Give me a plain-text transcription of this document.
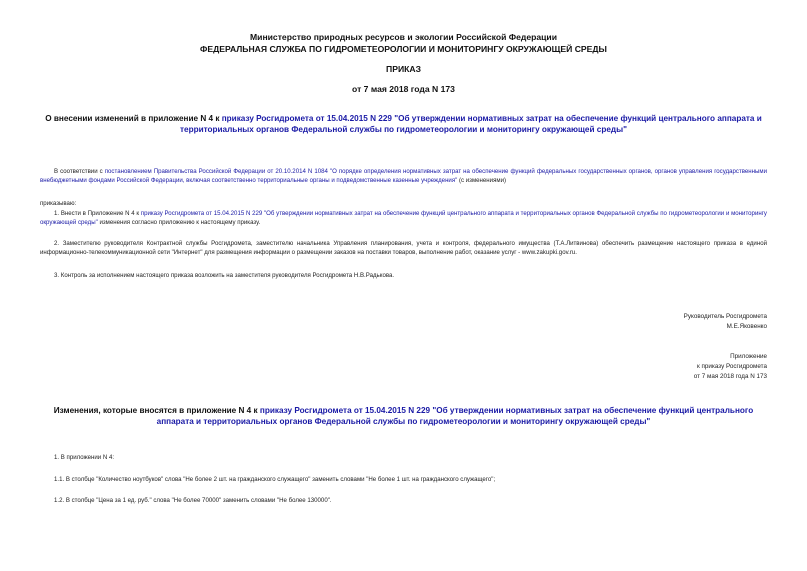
Министерство природных ресурсов и экологии Российской Федерации
ФЕДЕРАЛЬНАЯ СЛУЖБА ПО ГИДРОМЕТЕОРОЛОГИИ И МОНИТОРИНГУ ОКРУЖАЮЩЕЙ СРЕДЫ
ПРИКАЗ
от 7 мая 2018 года N 173
О внесении изменений в приложение N 4 к приказу Росгидромета от 15.04.2015 N 229 "Об утверждении нормативных затрат на обеспечение функций центрального аппарата и территориальных органов Федеральной службы по гидрометеорологии и мониторингу окружающей среды"
В соответствии с постановлением Правительства Российской Федерации от 20.10.2014 N 1084 "О порядке определения нормативных затрат на обеспечение функций федеральных государственных органов, органов управления государственными внебюджетными фондами Российской Федерации, включая соответственно территориальные органы и подведомственные казенные учреждения" (с изменениями)
приказываю:
1. Внести в Приложение N 4 к приказу Росгидромета от 15.04.2015 N 229 "Об утверждении нормативных затрат на обеспечение функций центрального аппарата и территориальных органов Федеральной службы по гидрометеорологии и мониторингу окружающей среды" изменения согласно приложению к настоящему приказу.
2. Заместителю руководителя Контрактной службы Росгидромета, заместителю начальника Управления планирования, учета и контроля, федерального имущества (Т.А.Литвинова) обеспечить размещение настоящего приказа в единой информационно-телекоммуникационной сети "Интернет" для размещения информации о размещении заказов на поставки товаров, выполнение работ, оказание услуг - www.zakupki.gov.ru.
3. Контроль за исполнением настоящего приказа возложить на заместителя руководителя Росгидромета Н.В.Радькова.
Руководитель Росгидромета
М.Е.Яковенко
Приложение
к приказу Росгидромета
от 7 мая 2018 года N 173
Изменения, которые вносятся в приложение N 4 к приказу Росгидромета от 15.04.2015 N 229 "Об утверждении нормативных затрат на обеспечение функций центрального аппарата и территориальных органов Федеральной службы по гидрометеорологии и мониторингу окружающей среды"
1. В приложении N 4:
1.1. В столбце "Количество ноутбуков" слова "Не более 2 шт. на гражданского служащего" заменить словами "Не более 1 шт. на гражданского служащего";
1.2. В столбце "Цена за 1 ед. руб." слова "Не более 70000" заменить словами "Не более 130000".
